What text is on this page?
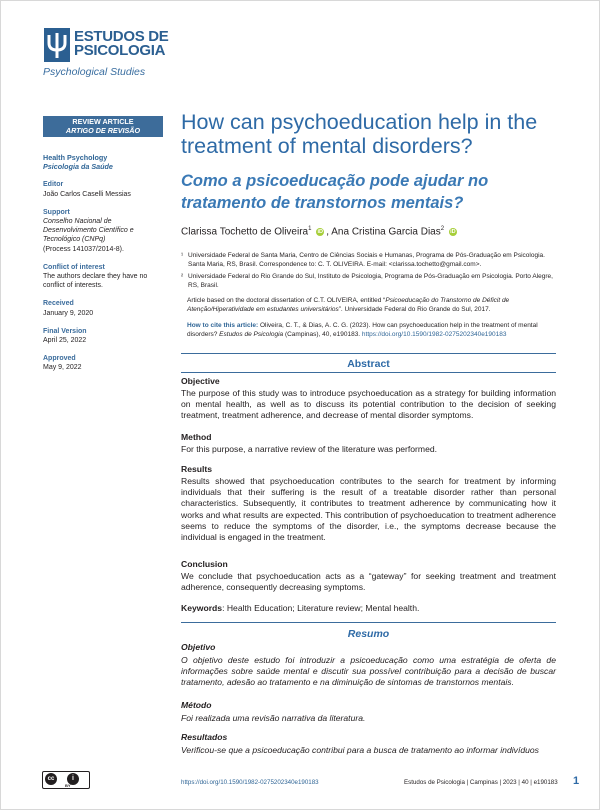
ESTUDOS DE
PSICOLOGIA
Psychological Studies
REVIEW ARTICLE
ARTIGO DE REVISÃO
Health Psychology
Psicologia da Saúde
Editor
João Carlos Caselli Messias
Support
Conselho Nacional de Desenvolvimento Científico e Tecnológico (CNPq)
(Process 141037/2014-8).
Conflict of interest
The authors declare they have no conflict of interests.
Received
January 9, 2020
Final Version
April 25, 2022
Approved
May 9, 2022
How can psychoeducation help in the treatment of mental disorders?
Como a psicoeducação pode ajudar no tratamento de transtornos mentais?
Clarissa Tochetto de Oliveira$^1$ iD , Ana Cristina Garcia Dias$^2$ iD
¹ Universidade Federal de Santa Maria, Centro de Ciências Sociais e Humanas, Programa de Pós-Graduação em Psicologia. Santa Maria, RS, Brasil. Correspondence to: C. T. OLIVEIRA. E-mail: <clarissa.tochetto@gmail.com>.
² Universidade Federal do Rio Grande do Sul, Instituto de Psicologia, Programa de Pós-Graduação em Psicologia. Porto Alegre, RS, Brasil.
Article based on the doctoral dissertation of C.T. OLIVEIRA, entitled “Psicoeducação do Transtorno de Déficit de Atenção/Hiperatividade em estudantes universitários”. Universidade Federal do Rio Grande do Sul, 2017.
How to cite this article: Oliveira, C. T., & Dias, A. C. G. (2023). How can psychoeducation help in the treatment of mental disorders? Estudos de Psicologia (Campinas), 40, e190183. https://doi.org/10.1590/1982-0275202340e190183
Abstract
Objective
The purpose of this study was to introduce psychoeducation as a strategy for building information on mental health, as well as to discuss its potential contribution to the decision of seeking treatment, treatment adherence, and decrease of mental disorder symptoms.
Method
For this purpose, a narrative review of the literature was performed.
Results
Results showed that psychoeducation contributes to the search for treatment by informing individuals that their suffering is the result of a treatable disorder rather than personal characteristics. Subsequently, it contributes to treatment adherence by communicating how it works and what results are expected. This contribution of psychoeducation to treatment adherence seems to reduce the symptoms of the disorder, i.e., the symptoms decrease because the individual is engaged in the treatment.
Conclusion
We conclude that psychoeducation acts as a “gateway” for seeking treatment and treatment adherence, consequently decreasing symptoms.
Keywords: Health Education; Literature review; Mental health.
Resumo
Objetivo
O objetivo deste estudo foi introduzir a psicoeducação como uma estratégia de oferta de informações sobre saúde mental e discutir sua possível contribuição para a decisão de buscar tratamento, adesão ao tratamento e na diminuição de sintomas de transtornos mentais.
Método
Foi realizada uma revisão narrativa da literatura.
Resultados
Verificou-se que a psicoeducação contribui para a busca de tratamento ao informar indivíduos
cc	i
BY	https://doi.org/10.1590/1982-0275202340e190183	Estudos de Psicologia | Campinas | 2023 | 40 | e190183 1
